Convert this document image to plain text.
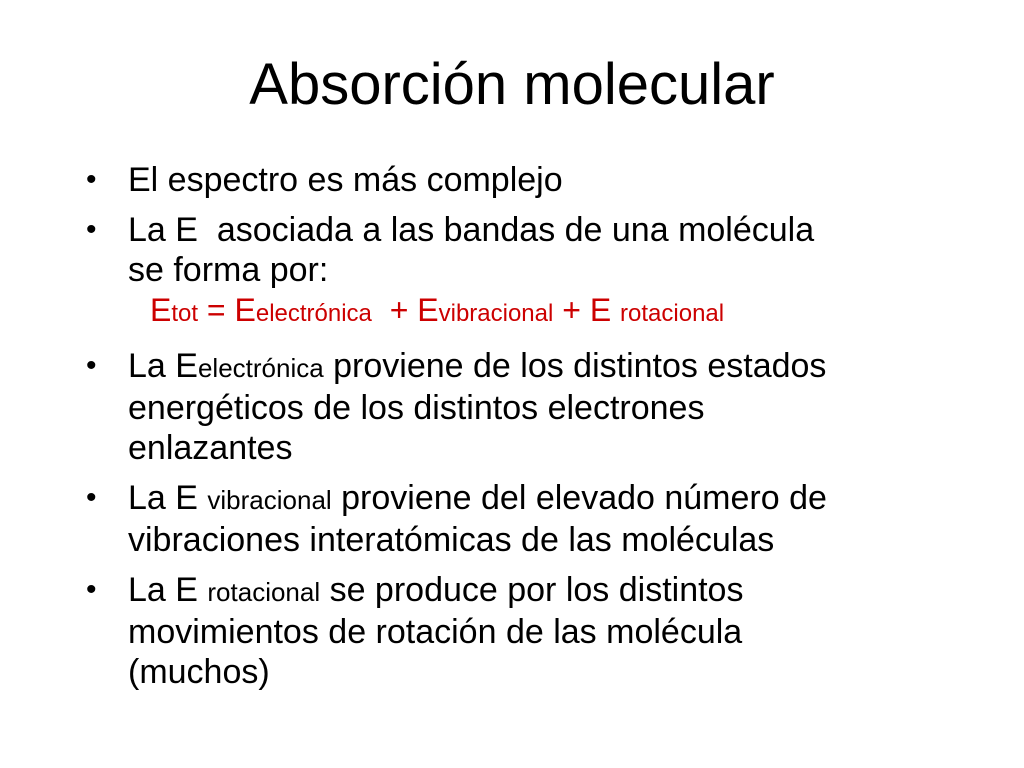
Absorción molecular
• El espectro es más complejo
• La E  asociada a las bandas de una molécula
se forma por:
Etot = Eelectrónica  + Evibracional + E rotacional
• La Eelectrónica proviene de los distintos estados
energéticos de los distintos electrones
enlazantes
• La E vibracional proviene del elevado número de
vibraciones interatómicas de las moléculas
• La E rotacional se produce por los distintos
movimientos de rotación de las molécula
(muchos)
